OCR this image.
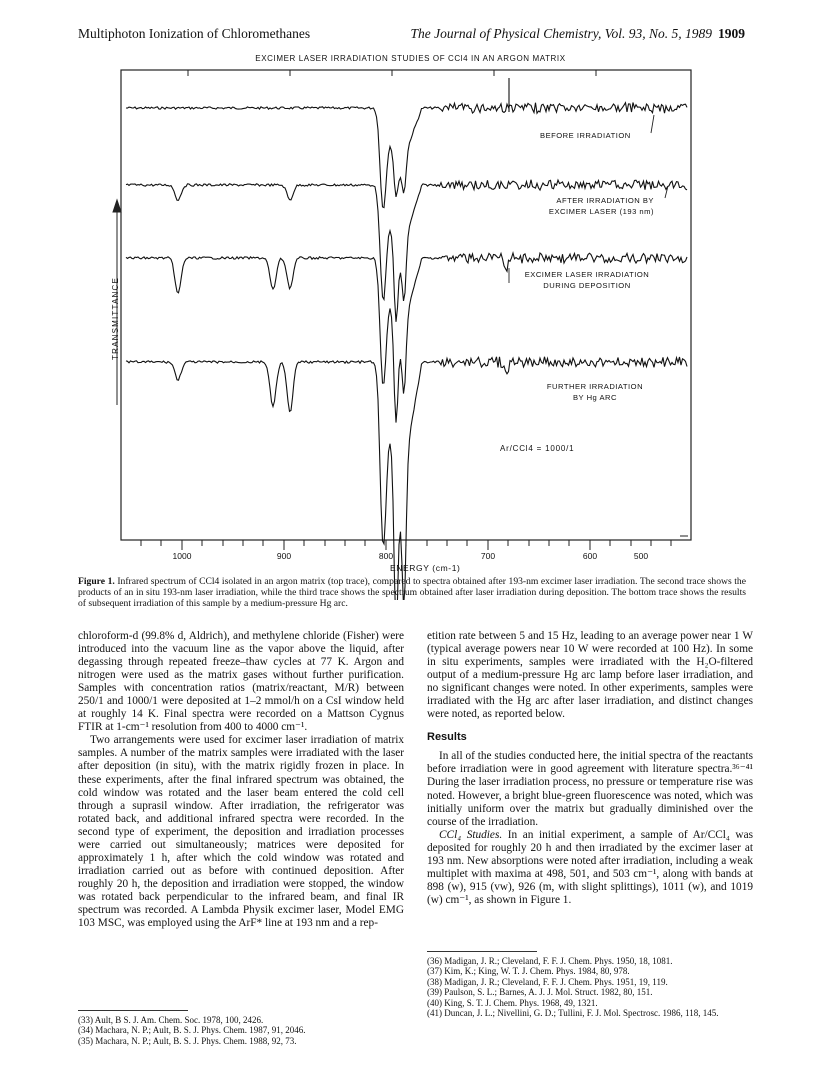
Multiphoton Ionization of Chloromethanes	The Journal of Physical Chemistry, Vol. 93, No. 5, 1989 1909
EXCIMER LASER IRRADIATION STUDIES OF CCl4 IN AN ARGON MATRIX
BEFORE IRRADIATION
AFTER IRRADIATION BY
EXCIMER LASER (193 nm)
EXCIMER LASER IRRADIATION
DURING DEPOSITION
FURTHER IRRADIATION
BY Hg ARC
Ar/CCl4 = 1000/1
TRANSMITTANCE
1000	900	800	700	600	500
ENERGY (cm-1)
Figure 1. Infrared spectrum of CCl4 isolated in an argon matrix (top trace), compared to spectra obtained after 193-nm excimer laser irradiation. The second trace shows the products of an in situ 193-nm laser irradiation, while the third trace shows the spectrum obtained after laser irradiation during deposition. The bottom trace shows the results of subsequent irradiation of this sample by a medium-pressure Hg arc.

chloroform-d (99.8% d, Aldrich), and methylene chloride (Fisher) were introduced into the vacuum line as the vapor above the liquid, after degassing through repeated freeze–thaw cycles at 77 K. Argon and nitrogen were used as the matrix gases without further purification. Samples with concentration ratios (matrix/reactant, M/R) between 250/1 and 1000/1 were deposited at 1–2 mmol/h on a CsI window held at roughly 14 K. Final spectra were recorded on a Mattson Cygnus FTIR at 1-cm⁻¹ resolution from 400 to 4000 cm⁻¹.

Two arrangements were used for excimer laser irradiation of matrix samples. A number of the matrix samples were irradiated with the laser after deposition (in situ), with the matrix rigidly frozen in place. In these experiments, after the final infrared spectrum was obtained, the cold window was rotated and the laser beam entered the cold cell through a suprasil window. After irradiation, the refrigerator was rotated back, and additional infrared spectra were recorded. In the second type of experiment, the deposition and irradiation processes were carried out simultaneously; matrices were deposited for approximately 1 h, after which the cold window was rotated and irradiation carried out as before with continued deposition. After roughly 20 h, the deposition and irradiation were stopped, the window was rotated back perpendicular to the infrared beam, and final IR spectrum was recorded. A Lambda Physik excimer laser, Model EMG 103 MSC, was employed using the ArF* line at 193 nm and a rep-

(33) Ault, B S. J. Am. Chem. Soc. 1978, 100, 2426.
(34) Machara, N. P.; Ault, B. S. J. Phys. Chem. 1987, 91, 2046.
(35) Machara, N. P.; Ault, B. S. J. Phys. Chem. 1988, 92, 73.

etition rate between 5 and 15 Hz, leading to an average power near 1 W (typical average powers near 10 W were recorded at 100 Hz). In some in situ experiments, samples were irradiated with the H₂O-filtered output of a medium-pressure Hg arc lamp before laser irradiation, and no significant changes were noted. In other experiments, samples were irradiated with the Hg arc after laser irradiation, and distinct changes were noted, as reported below.

Results

In all of the studies conducted here, the initial spectra of the reactants before irradiation were in good agreement with literature spectra.³⁶⁻⁴¹ During the laser irradiation process, no pressure or temperature rise was noted. However, a bright blue-green fluorescence was noted, which was initially uniform over the matrix but gradually diminished over the course of the irradiation.

CCl₄ Studies. In an initial experiment, a sample of Ar/CCl₄ was deposited for roughly 20 h and then irradiated by the excimer laser at 193 nm. New absorptions were noted after irradiation, including a weak multiplet with maxima at 498, 501, and 503 cm⁻¹, along with bands at 898 (w), 915 (vw), 926 (m, with slight splittings), 1011 (w), and 1019 (w) cm⁻¹, as shown in Figure 1.

(36) Madigan, J. R.; Cleveland, F. F. J. Chem. Phys. 1950, 18, 1081.
(37) Kim, K.; King, W. T. J. Chem. Phys. 1984, 80, 978.
(38) Madigan, J. R.; Cleveland, F. F. J. Chem. Phys. 1951, 19, 119.
(39) Paulson, S. L.; Barnes, A. J. J. Mol. Struct. 1982, 80, 151.
(40) King, S. T. J. Chem. Phys. 1968, 49, 1321.
(41) Duncan, J. L.; Nivellini, G. D.; Tullini, F. J. Mol. Spectrosc. 1986, 118, 145.
